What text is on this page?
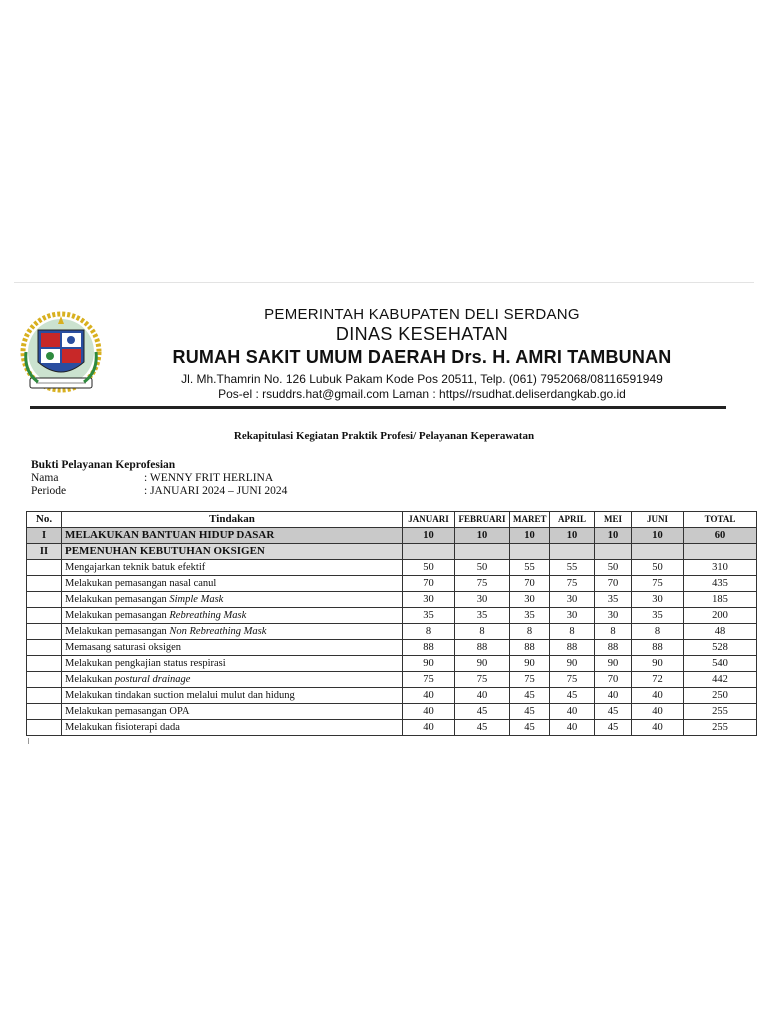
PEMERINTAH KABUPATEN DELI SERDANG
DINAS KESEHATAN
RUMAH SAKIT UMUM DAERAH Drs. H. AMRI TAMBUNAN
Jl. Mh.Thamrin No. 126 Lubuk Pakam Kode Pos 20511, Telp. (061) 7952068/08116591949
Pos-el : rsuddrs.hat@gmail.com Laman : https//rsudhat.deliserdangkab.go.id
Rekapitulasi Kegiatan Praktik Profesi/ Pelayanan Keperawatan
Bukti Pelayanan Keprofesian
Nama	: WENNY FRIT HERLINA
Periode	: JANUARI 2024 – JUNI 2024
No.	Tindakan	JANUARI	FEBRUARI	MARET	APRIL	MEI	JUNI	TOTAL
I	MELAKUKAN BANTUAN HIDUP DASAR	10	10	10	10	10	10	60
II	PEMENUHAN KEBUTUHAN OKSIGEN							
	Mengajarkan teknik batuk efektif	50	50	55	55	50	50	310
	Melakukan pemasangan nasal canul	70	75	70	75	70	75	435
	Melakukan pemasangan Simple Mask	30	30	30	30	35	30	185
	Melakukan pemasangan Rebreathing Mask	35	35	35	30	30	35	200
	Melakukan pemasangan Non Rebreathing Mask	8	8	8	8	8	8	48
	Memasang saturasi oksigen	88	88	88	88	88	88	528
	Melakukan pengkajian status respirasi	90	90	90	90	90	90	540
	Melakukan postural drainage	75	75	75	75	70	72	442
	Melakukan tindakan suction melalui mulut dan hidung	40	40	45	45	40	40	250
	Melakukan pemasangan OPA	40	45	45	40	45	40	255
	Melakukan fisioterapi dada	40	45	45	40	45	40	255
